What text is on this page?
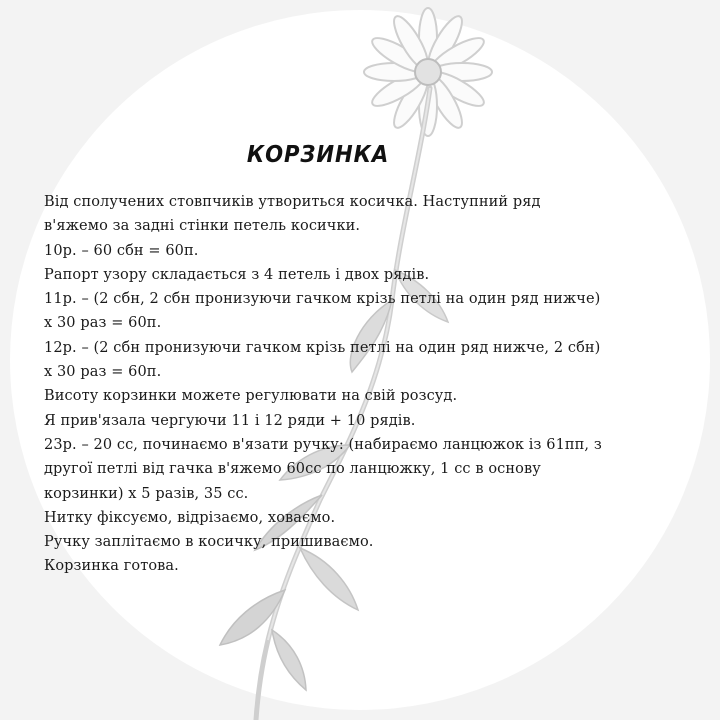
КОРЗИНКА
Від сполучених стовпчиків утвориться косичка. Наступний ряд
в'яжемо за задні стінки петель косички.
10р. – 60 сбн = 60п.
Рапорт узору складається з 4 петель і двох рядів.
11р. – (2 сбн, 2 сбн пронизуючи гачком крізь петлі на один ряд нижче)
х 30 раз = 60п.
12р. – (2 сбн пронизуючи гачком крізь петлі на один ряд нижче, 2 сбн)
х 30 раз = 60п.
Висоту корзинки можете регулювати на свій розсуд.
Я прив'язала чергуючи 11 і 12 ряди + 10 рядів.
23р. – 20 сс, починаємо в'язати ручку: (набираємо ланцюжок із 61пп, з
другої петлі від гачка в'яжемо 60сс по ланцюжку, 1 сс в основу
корзинки) х 5 разів, 35 сс.
Нитку фіксуємо, відрізаємо, ховаємо.
Ручку заплітаємо в косичку, пришиваємо.
Корзинка готова.
